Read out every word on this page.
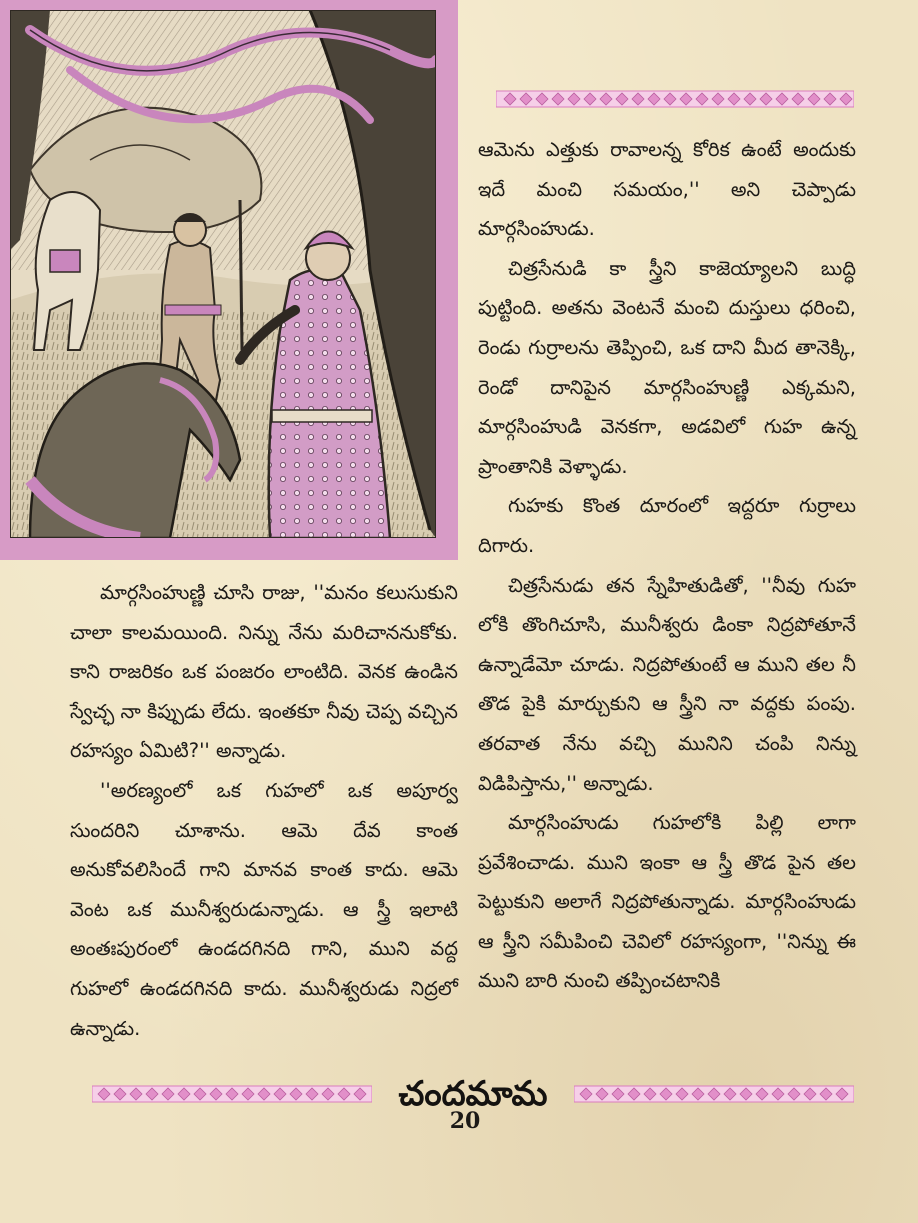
ఆమెను ఎత్తుకు రావాలన్న కోరిక ఉంటే అందుకు ఇదే మంచి సమయం,'' అని చెప్పాడు మార్గసింహుడు.

చిత్రసేనుడి కా స్త్రీని కాజెయ్యాలని బుద్ధి పుట్టింది. అతను వెంటనే మంచి దుస్తులు ధరించి, రెండు గుర్రాలను తెప్పించి, ఒక దాని మీద తానెక్కి, రెండో దానిపైన మార్గసింహుణ్ణి ఎక్కమని, మార్గసింహుడి వెనకగా, అడవిలో గుహ ఉన్న ప్రాంతానికి వెళ్ళాడు.

గుహకు కొంత దూరంలో ఇద్దరూ గుర్రాలు దిగారు.

చిత్రసేనుడు తన స్నేహితుడితో, ''నీవు గుహ లోకి తొంగిచూసి, మునీశ్వరు డింకా నిద్రపోతూనే ఉన్నాడేమో చూడు. నిద్రపోతుంటే ఆ ముని తల నీ తొడ పైకి మార్చుకుని ఆ స్త్రీని నా వద్దకు పంపు. తరవాత నేను వచ్చి మునిని చంపి నిన్ను విడిపిస్తాను,'' అన్నాడు.

మార్గసింహుడు గుహలోకి పిల్లి లాగా ప్రవేశించాడు. ముని ఇంకా ఆ స్త్రీ తొడ పైన తల పెట్టుకుని అలాగే నిద్రపోతున్నాడు. మార్గసింహుడు ఆ స్త్రీని సమీపించి చెవిలో రహస్యంగా, ''నిన్ను ఈ ముని బారి నుంచి తప్పించటానికి

మార్గసింహుణ్ణి చూసి రాజు, ''మనం కలుసుకుని చాలా కాలమయింది. నిన్ను నేను మరిచాననుకోకు. కాని రాజరికం ఒక పంజరం లాంటిది. వెనక ఉండిన స్వేచ్ఛ నా కిప్పుడు లేదు. ఇంతకూ నీవు చెప్ప వచ్చిన రహస్యం ఏమిటి?'' అన్నాడు.

''అరణ్యంలో ఒక గుహలో ఒక అపూర్వ సుందరిని చూశాను. ఆమె దేవ కాంత అనుకోవలిసిందే గాని మానవ కాంత కాదు. ఆమె వెంట ఒక మునీశ్వరుడున్నాడు. ఆ స్త్రీ ఇలాటి అంతఃపురంలో ఉండదగినది గాని, ముని వద్ద గుహలో ఉండదగినది కాదు. మునీశ్వరుడు నిద్రలో ఉన్నాడు.

చందమామ
20
